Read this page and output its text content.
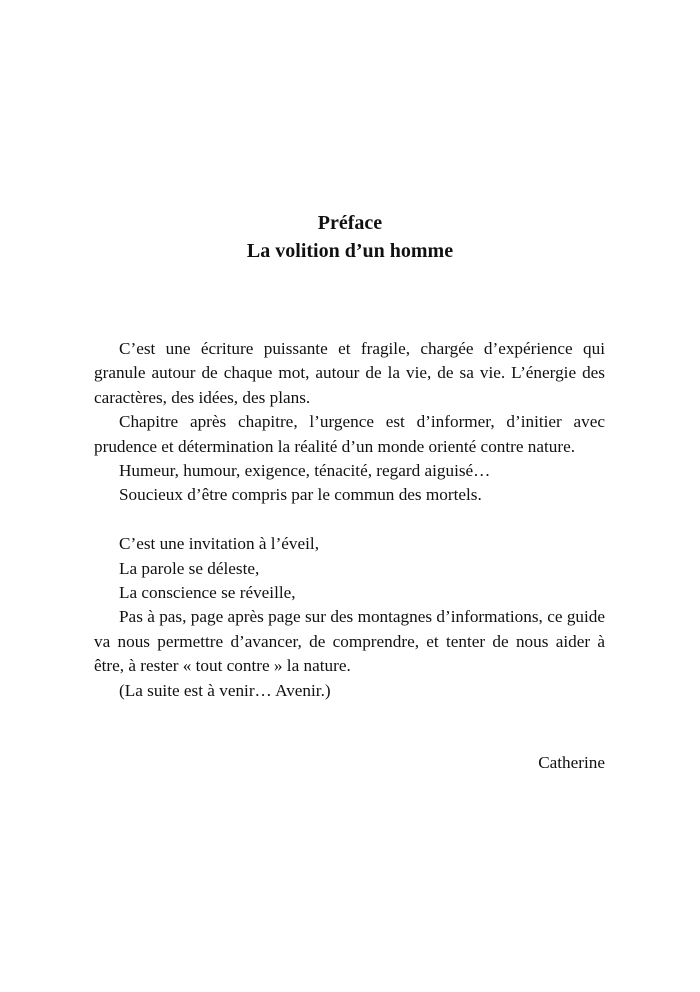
Préface
La volition d’un homme

C’est une écriture puissante et fragile, chargée d’expérience qui granule autour de chaque mot, autour de la vie, de sa vie. L’énergie des caractères, des idées, des plans.

Chapitre après chapitre, l’urgence est d’informer, d’initier avec prudence et détermination la réalité d’un monde orienté contre nature.

Humeur, humour, exigence, ténacité, regard aiguisé…

Soucieux d’être compris par le commun des mortels.

C’est une invitation à l’éveil,

La parole se déleste,

La conscience se réveille,

Pas à pas, page après page sur des montagnes d’informations, ce guide va nous permettre d’avancer, de comprendre, et tenter de nous aider à être, à rester « tout contre » la nature.

(La suite est à venir… Avenir.)

Catherine
